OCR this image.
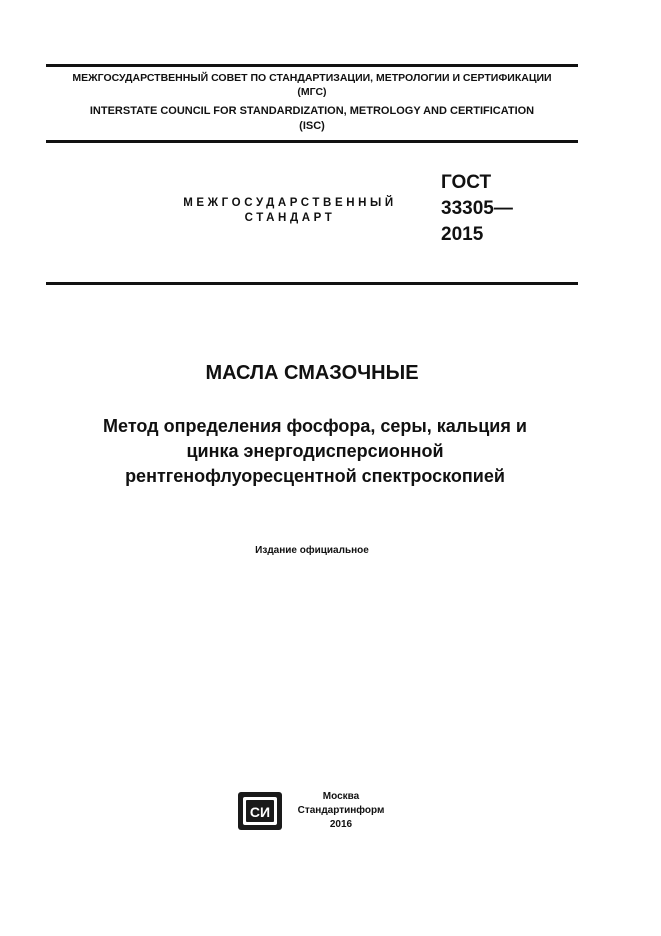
МЕЖГОСУДАРСТВЕННЫЙ СОВЕТ ПО СТАНДАРТИЗАЦИИ, МЕТРОЛОГИИ И СЕРТИФИКАЦИИ
(МГС)
INTERSTATE COUNCIL FOR STANDARDIZATION, METROLOGY AND CERTIFICATION
(ISC)
МЕЖГОСУДАРСТВЕННЫЙ
СТАНДАРТ
ГОСТ
33305—
2015
МАСЛА СМАЗОЧНЫЕ
Метод определения фосфора, серы, кальция и
цинка энергодисперсионной
рентгенофлуоресцентной спектроскопией
Издание официальное
СИ
Москва
Стандартинформ
2016
